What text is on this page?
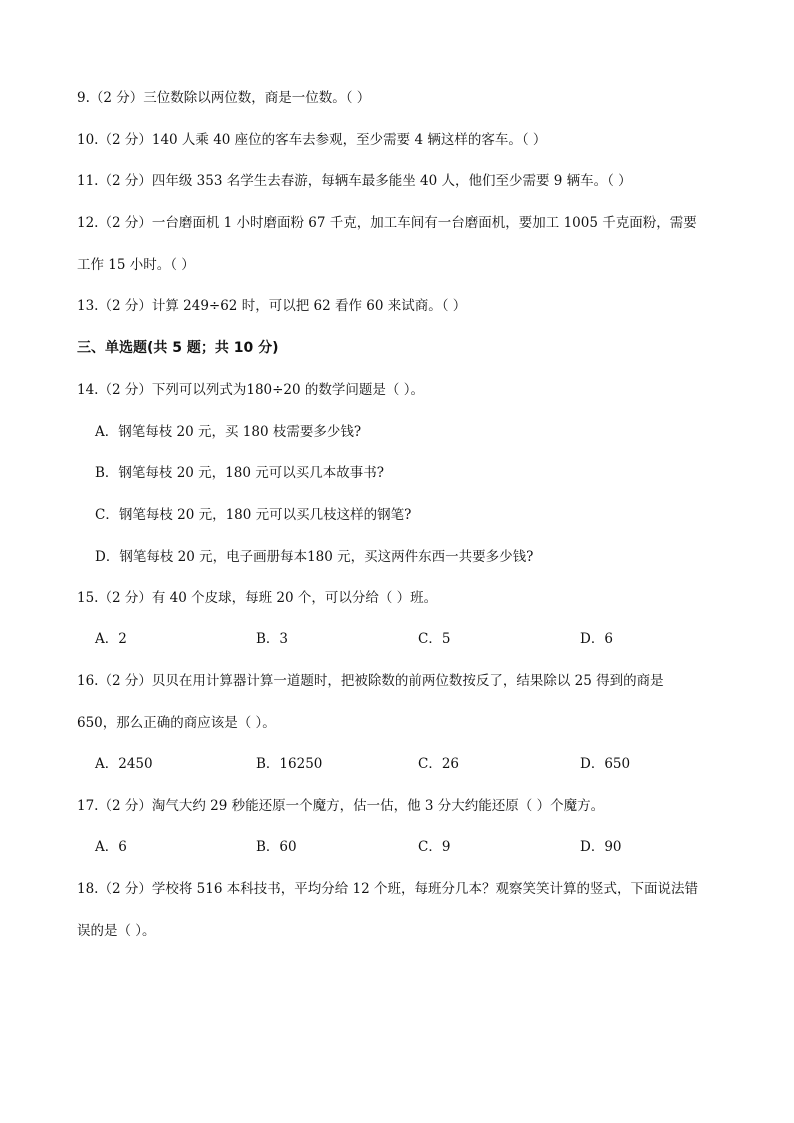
9.（2 分）三位数除以两位数，商是一位数。（ ）
10.（2 分）140 人乘 40 座位的客车去参观，至少需要 4 辆这样的客车。（ ）
11.（2 分）四年级 353 名学生去春游，每辆车最多能坐 40 人，他们至少需要 9 辆车。（ ）
12.（2 分）一台磨面机 1 小时磨面粉 67 千克，加工车间有一台磨面机，要加工 1005 千克面粉，需要
工作 15 小时。（ ）
13.（2 分）计算 249÷62 时，可以把 62 看作 60 来试商。（ ）
三、单选题(共 5 题；共 10 分)
14.（2 分）下列可以列式为180÷20 的数学问题是（ ）。
A．钢笔每枝 20 元，买 180 枝需要多少钱?
B．钢笔每枝 20 元，180 元可以买几本故事书?
C．钢笔每枝 20 元，180 元可以买几枝这样的钢笔?
D．钢笔每枝 20 元，电子画册每本180 元，买这两件东西一共要多少钱?
15.（2 分）有 40 个皮球，每班 20 个，可以分给（ ）班。
A．2	B．3	C．5	D．6
16.（2 分）贝贝在用计算器计算一道题时，把被除数的前两位数按反了，结果除以 25 得到的商是
650，那么正确的商应该是（ ）。
A．2450	B．16250	C．26	D．650
17.（2 分）淘气大约 29 秒能还原一个魔方，估一估，他 3 分大约能还原（ ）个魔方。
A．6	B．60	C．9	D．90
18.（2 分）学校将 516 本科技书，平均分给 12 个班，每班分几本？观察笑笑计算的竖式，下面说法错
误的是（ ）。
